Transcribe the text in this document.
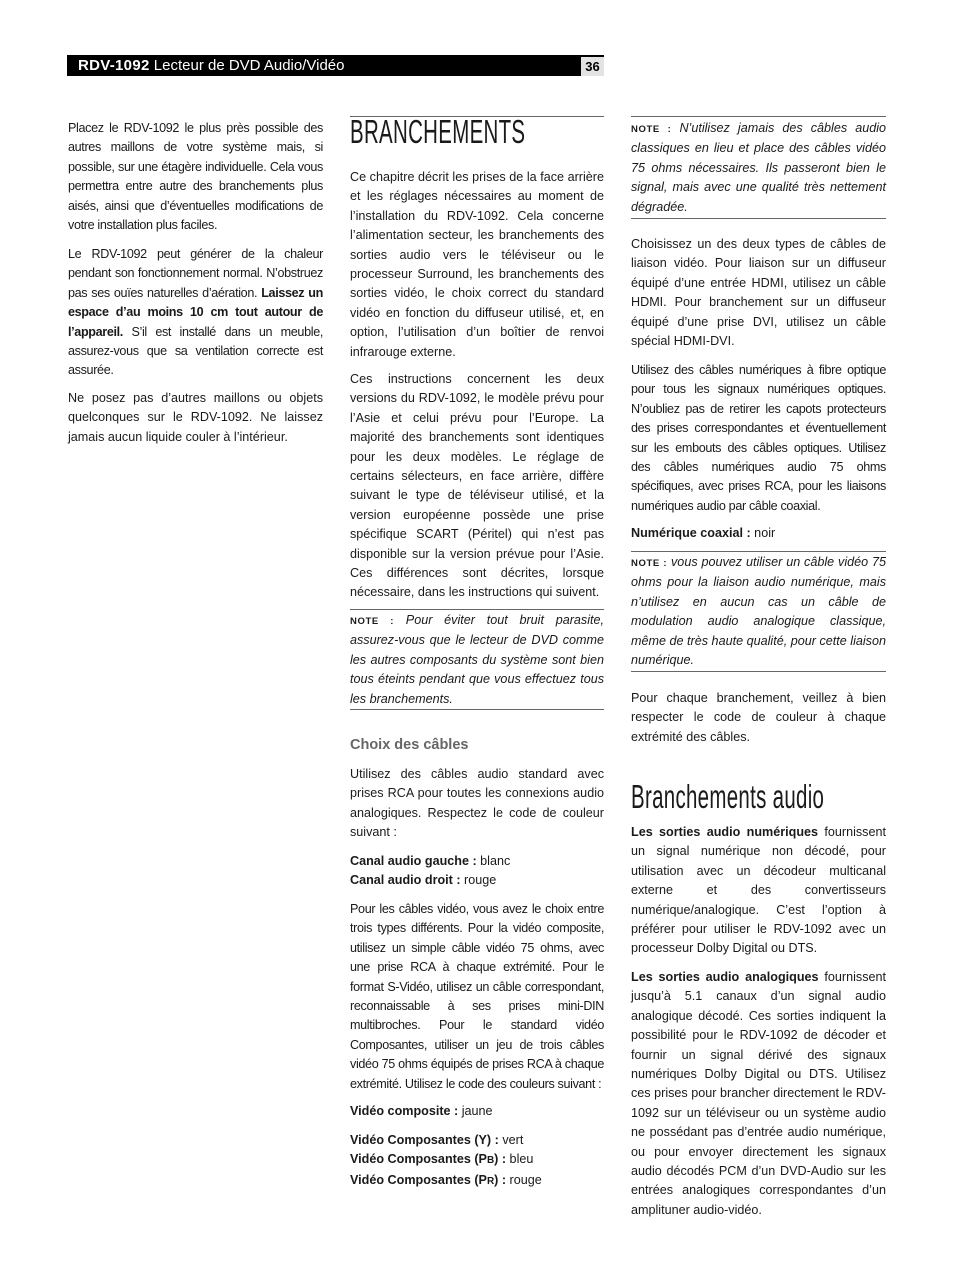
RDV-1092 Lecteur de DVD Audio/Vidéo	36

Placez le RDV-1092 le plus près possible des autres maillons de votre système mais, si possible, sur une étagère individuelle. Cela vous permettra entre autre des branchements plus aisés, ainsi que d’éventuelles modifications de votre installation plus faciles.

Le RDV-1092 peut générer de la chaleur pendant son fonctionnement normal. N’obstruez pas ses ouïes naturelles d’aération. Laissez un espace d’au moins 10 cm tout autour de l’appareil. S’il est installé dans un meuble, assurez-vous que sa ventilation correcte est assurée.

Ne posez pas d’autres maillons ou objets quelconques sur le RDV-1092. Ne laissez jamais aucun liquide couler à l’intérieur.

BRANCHEMENTS

Ce chapitre décrit les prises de la face arrière et les réglages nécessaires au moment de l’installation du RDV-1092. Cela concerne l’alimentation secteur, les branchements des sorties audio vers le téléviseur ou le processeur Surround, les branchements des sorties vidéo, le choix correct du standard vidéo en fonction du diffuseur utilisé, et, en option, l’utilisation d’un boîtier de renvoi infrarouge externe.

Ces instructions concernent les deux versions du RDV-1092, le modèle prévu pour l’Asie et celui prévu pour l’Europe. La majorité des branchements sont identiques pour les deux modèles. Le réglage de certains sélecteurs, en face arrière, diffère suivant le type de téléviseur utilisé, et la version européenne possède une prise spécifique SCART (Péritel) qui n’est pas disponible sur la version prévue pour l’Asie. Ces différences sont décrites, lorsque nécessaire, dans les instructions qui suivent.

NOTE : Pour éviter tout bruit parasite, assurez-vous que le lecteur de DVD comme les autres composants du système sont bien tous éteints pendant que vous effectuez tous les branchements.

Choix des câbles

Utilisez des câbles audio standard avec prises RCA pour toutes les connexions audio analogiques. Respectez le code de couleur suivant :

Canal audio gauche : blanc

Canal audio droit : rouge

Pour les câbles vidéo, vous avez le choix entre trois types différents. Pour la vidéo composite, utilisez un simple câble vidéo 75 ohms, avec une prise RCA à chaque extrémité. Pour le format S-Vidéo, utilisez un câble correspondant, reconnaissable à ses prises mini-DIN multibroches. Pour le standard vidéo Composantes, utiliser un jeu de trois câbles vidéo 75 ohms équipés de prises RCA à chaque extrémité. Utilisez le code des couleurs suivant :

Vidéo composite : jaune

Vidéo Composantes (Y) : vert

Vidéo Composantes (PB) : bleu

Vidéo Composantes (PR) : rouge

NOTE : N’utilisez jamais des câbles audio classiques en lieu et place des câbles vidéo 75 ohms nécessaires. Ils passeront bien le signal, mais avec une qualité très nettement dégradée.

Choisissez un des deux types de câbles de liaison vidéo. Pour liaison sur un diffuseur équipé d’une entrée HDMI, utilisez un câble HDMI. Pour branchement sur un diffuseur équipé d’une prise DVI, utilisez un câble spécial HDMI-DVI.

Utilisez des câbles numériques à fibre optique pour tous les signaux numériques optiques. N’oubliez pas de retirer les capots protecteurs des prises correspondantes et éventuellement sur les embouts des câbles optiques. Utilisez des câbles numériques audio 75 ohms spécifiques, avec prises RCA, pour les liaisons numériques audio par câble coaxial.

Numérique coaxial : noir

NOTE : vous pouvez utiliser un câble vidéo 75 ohms pour la liaison audio numérique, mais n’utilisez en aucun cas un câble de modulation audio analogique classique, même de très haute qualité, pour cette liaison numérique.

Pour chaque branchement, veillez à bien respecter le code de couleur à chaque extrémité des câbles.

Branchements audio

Les sorties audio numériques fournissent un signal numérique non décodé, pour utilisation avec un décodeur multicanal externe et des convertisseurs numérique/analogique. C’est l’option à préférer pour utiliser le RDV-1092 avec un processeur Dolby Digital ou DTS.

Les sorties audio analogiques fournissent jusqu’à 5.1 canaux d’un signal audio analogique décodé. Ces sorties indiquent la possibilité pour le RDV-1092 de décoder et fournir un signal dérivé des signaux numériques Dolby Digital ou DTS. Utilisez ces prises pour brancher directement le RDV-1092 sur un téléviseur ou un système audio ne possédant pas d’entrée audio numérique, ou pour envoyer directement les signaux audio décodés PCM d’un DVD-Audio sur les entrées analogiques correspondantes d’un amplituner audio-vidéo.
